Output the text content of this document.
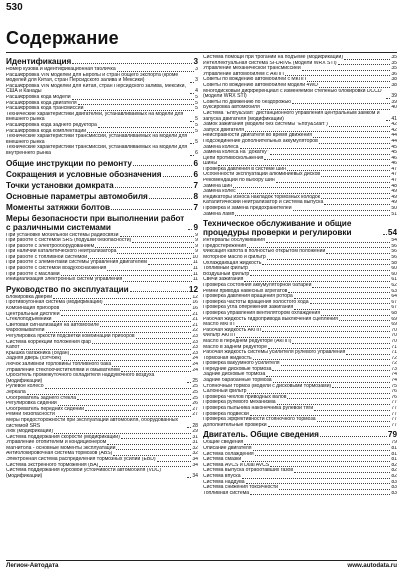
530
Содержание
Идентификация	3
Номер кузова и идентификационная табличка	3
Расшифровка VIN моделей для Европы и стран общего экспорта (кроме моделей для Китая, стран Персидского залива и Мексики)	3
Расшифровка VIN моделей для Китая, стран Персидского залива, Мексики, США и Канады	4
Расшифровка кода модели	5
Расшифровка кода двигателя	5
Расшифровка кода трансмиссии	5
Технические характеристики двигателей, устанавливаемых на модели для внешнего рынка	5
Расшифровка кода заднего редуктора	5
Расшифровка кода комплектации	5
Технические характеристики трансмиссий, устанавливаемых на модели для внешнего рынка	5
Технические характеристики трансмиссий, устанавливаемых на модели для внутреннего рынка	6
Общие инструкции по ремонту	6
Сокращения и условные обозначения	6
Точки установки домкрата	7
Основные параметры автомобиля	8
Моменты затяжки болтов	7
Меры безопасности при выполнении работ с различными системами	9
При установке мобильной системы радиосвязи	9
При работе с системой SRS (подушки безопасности)	9
При работе с электрооборудованием	9
При наличии каталитического нейтрализатора	9
При работе с топливной системой	10
При работе с элементами системы управления двигателем	11
При работе с системой воздухоснабжения	11
При работе с маслами	11
Инициализация электронных систем управления	11
Руководство по эксплуатации	12
Блокировка дверей	12
Противоугонная система (модификации)	16
Комбинация приборов	16
Центральный дисплей	21
Стеклоподъемники	21
Световая сигнализация на автомобиле	21
Фароомыватели	22
Регулировка яркости подсветки комбинации приборов	23
Система коррекции положения фар	23
Капот	23
Крышка багажника (седан)	23
Задняя дверь (хэтчбек)	24
Лючок заливной горловины топливного бака	24
Управление стеклоочистителями и омывателем	24
Ороситель промежуточного охладителя наддувочного воздуха (модификации)	25
Рулевое колесо	25
Зеркала	25
Обогреватель заднего стекла	25
Регулировка сидений	26
Обогреватель передних сидений	27
Ремни безопасности	27
Меры предосторожности при эксплуатации автомобиля, оборудованных системой SRS	28
Люк (модификации)	29
Система поддержания скорости (модификации)	31
Управление отопителем и кондиционером	31
Магнитола - основные моменты эксплуатации	32
Антиблокировочная система тормозов (ABS)	32
Электронная система распределения тормозных усилий (EBD)	34
Система экстренного торможения (BA)	34
Система поддержания курсовой устойчивости автомобиля (VDC) (модификации)	34
Система помощи при трогании на подъеме (модификации)	35
Интеллектуальная система SI-DRIVE (модели WRX STI)	35
Управление механической трансмиссией	35
Управление автомобилем с АКПП	36
Советы по вождению автомобилей с МКПП	38
Советы по вождению автомобилей модели 4WD	38
Многодисковый дифференциал с изменяемой степенью блокировки DCCD (модели WRX STI)	39
Советы по движению по бездорожью	39
Буксировка автомобиля	40
Система "Entry&Start" дистанционного управления центральным замком и запуска двигателя (модификации)	41
Замок зажигания (модели без системы "Entry&Start")	42
Запуск двигателя	42
Неисправности двигателя во время движения	44
Подсоединение дополнительных аккумуляторов	44
Замена колеса	45
Замена колеса на "докатку"	45
Цепи противоскольжения	46
Шины	46
Проверка давления в системе шин	47
Особенности эксплуатации алюминиевых дисков	47
Рекомендации по выбору шин	47
Замена шин	48
Замена колес	49
Индикаторы износа накладок тормозных колодок	49
Каталитический нейтрализатор и система выпуска	49
Проверка и замена предохранителей	50
Замена ламп	51
Техническое обслуживание и общие процедуры проверки и регулировки	54
Интервалы обслуживания	54
Предостережения	56
Фиксация капота в полностью открытом положении	56
Моторное масло и фильтр	56
Охлаждающая жидкость	58
Топливный фильтр	60
Воздушный фильтр	60
Свечи зажигания	61
Проверка состояния аккумуляторной батареи	62
Ремни привода навесных агрегатов	63
Проверка давления вращения ротора	64
Проверка частоты вращения холостого хода	67
Проверка угла опережения зажигания	67
Проверка управления вентилятором охлаждения	68
Рабочая жидкость гидропривода выключения сцепления	69
Масло МКПП	69
Рабочая жидкость АКПП	70
Фильтр АКПП	70
Масло в переднем редукторе (АКПП)	70
Масло в заднем редукторе	71
Рабочая жидкость системы усилителя рулевого управления	71
Тормозная жидкость	72
Проверка вакуумного усилителя	72
Передние дисковые тормоза	73
Задние дисковые тормоза	74
Задние барабанные тормоза	74
Стояночный тормоз (модели с дисковыми тормозами)	75
Салонный фильтр	76
Проверка чехлов приводных валов	76
Проверка рулевого механизма	77
Проверка пыльника наконечника рулевой тяги	77
Проверка подвески	77
Проверка эффективности стояночного тормоза	77
Дополнительные проверки	77
Двигатель. Общие сведения	79
Общие сведения	79
Описание двигателя	81
Система охлаждения	81
Система смазки	81
Система AVCS и Dual AVCS	82
Система выпуска отработавших газов	82
Система впуска	82
Система наддува	83
Система снижения токсичности	83
Топливная система	83
Легион-Автодата	www.autodata.ru
